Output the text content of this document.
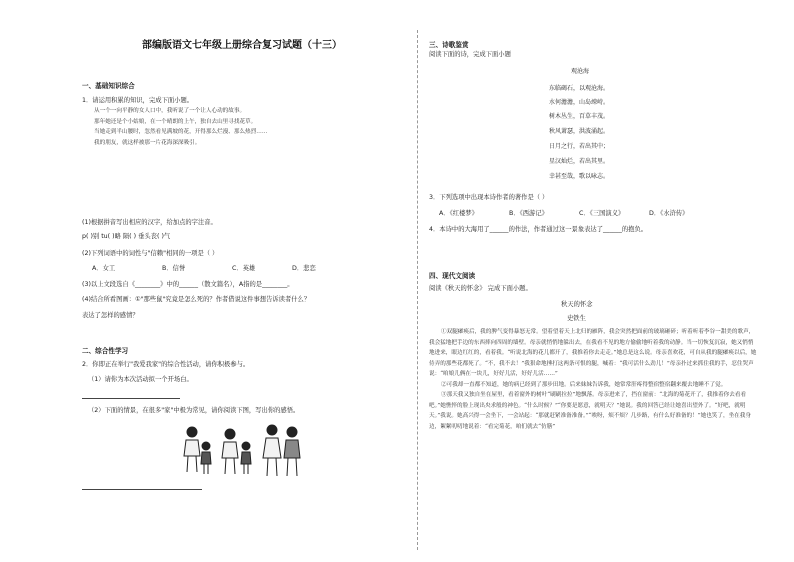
部编版语文七年级上册综合复习试题（十三）
一、基础知识综合
1．请运用积累的知识，完成下面小题。

从一个一向平静的女人口中，我听说了一个让人心动的故事。

那年她还是个小姑娘，在一个晴朗的上午，独自去山里寻找花草。

当她走到半山腰时，忽然看见满坡的花，开得那么烂漫、那么热烈……

我的朋友，就这样被那一片花海深深吸引。

(1)根据拼音写出相应的汉字，给加点的字注音。
p( )别 tu( )略 陨( ) 垂头丧( )气
(2)下列词语中的词性与"信赖"相同的一项是（ ）
A．女工	B．信誉	C．英雄	D．悲恋
(3)以上文段选自《________》中的______（散文篇名），A指的是________。
(4)结合所看图画：①"那些鼠"究竟是怎么死的？作者借说这件事想告诉读者什么？
表达了怎样的感情？
二、综合性学习
2．你即正在举行"我爱我家"的综合性活动，请你积极参与。
（1）请你为本次活动拟一个开场白。
（2）下面的情景，在很多"家"中极为常见，请你阅读下图，写出你的感悟。
三、诗歌鉴赏
阅读下面的诗，完成下面小题
观沧海
东临碣石，以观沧海。
水何澹澹，山岛竦峙。
树木丛生，百草丰茂。
秋风萧瑟，洪波涌起。
日月之行，若出其中；
星汉灿烂，若出其里。
幸甚至哉，歌以咏志。
3．下列选项中出现本诗作者的著作是（ ）
A．《红楼梦》	B．《西游记》	C．《三国演义》	D．《水浒传》
4．本诗中的大海用了______的作法，作者通过这一景象表达了______的抱负。
四、现代文阅读
阅读《秋天的怀念》 完成下面小题。
秋天的怀念
史铁生

①双腿瘫痪后，我的脾气变得暴怒无常。望着望着天上北归的雁阵，我会突然把面前的玻璃砸碎；听着听着李谷一甜美的歌声，我会猛地把手边的东西摔向四周的墙壁。母亲就悄悄地躲出去，在我看不见的地方偷偷地听着我的动静。当一切恢复沉寂，她又悄悄地进来，眼边红红的，看着我。“听说北海的花儿都开了，我推着你去走走。”她总是这么说。母亲喜欢花，可自从我的腿瘫痪以后，她侍弄的那些花都死了。“不，我不去！”我狠命地捶打这两条可恨的腿，喊着：“我可活什么劲儿！”母亲扑过来抓住我的手，忍住哭声说：“咱娘儿俩在一块儿，好好儿活，好好儿活……”

②可我却一直都不知道，她的病已经到了那步田地。后来妹妹告诉我，她常常肝疼得整宿整宿翻来覆去地睡不了觉。

③那天我又独自坐在屋里，看着窗外的树叶“刷刷拉拉”地飘落。母亲进来了，挡在窗前：“北海的菊花开了，我推着你去看看吧。”她憔悴的脸上现出央求般的神色。“什么时候？”“你要是愿意，就明天？”她说。我的回答已经让她喜出望外了。“好吧，就明天。”我说。她高兴得一会坐下，一会站起：“那就赶紧准备准备。”“唉呀，烦不烦？几步路，有什么好准备的！”她也笑了，坐在我身边，絮絮叨叨地说着：“看完菊花，咱们就去“仿膳”
